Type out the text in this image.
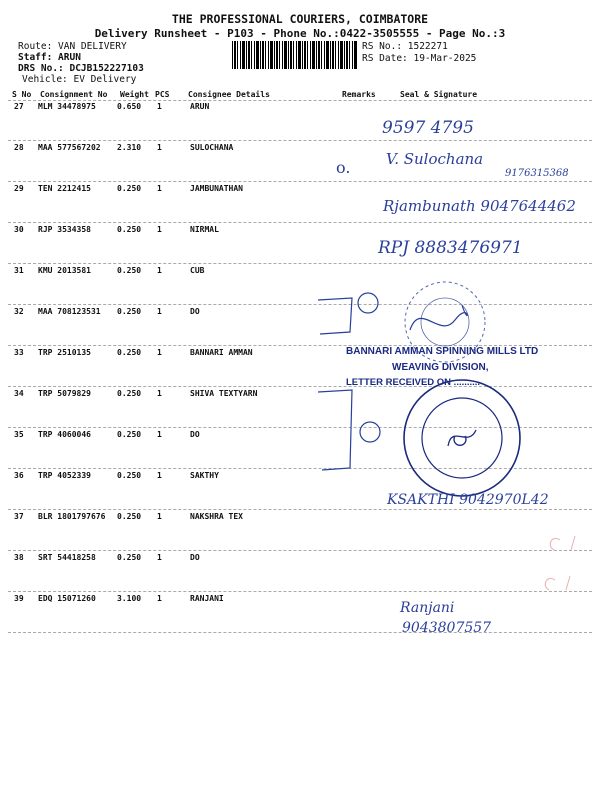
THE PROFESSIONAL COURIERS, COIMBATORE
Delivery Runsheet - P103 - Phone No.:0422-3505555 - Page No.:3
Route: VAN DELIVERY
Staff: ARUN
DRS No.: DCJB152227103
Vehicle: EV Delivery
RS No.: 1522271
RS Date: 19-Mar-2025
S No Consignment No Weight PCS Consignee Details	Remarks	Seal & Signature
27 MLM 34478975	0.650 1	ARUN
28 MAA 577567202 2.310 1	SULOCHANA
29 TEN 2212415	0.250 1	JAMBUNATHAN
30 RJP 3534358	0.250 1	NIRMAL
31 KMU 2013581	0.250 1	CUB
32 MAA 708123531 0.250 1	DO
33 TRP 2510135	0.250 1	BANNARI AMMAN
34 TRP 5079829	0.250 1	SHIVA TEXTYARN
35 TRP 4060046	0.250 1	DO
36 TRP 4052339	0.250 1	SAKTHY
37 BLR 1801797676 0.250 1	NAKSHRA TEX
38 SRT 54418258	0.250 1	DO
39 EDQ 15071260	3.100 1	RANJANI
9597 4795
o. V. Sulochana
9176315368
Rjambunath 9047644462
RPJ 8883476971
KSAKTHI 9042970L42
Ranjani
9043807557
BANNARI AMMAN SPINNING MILLS LTD
WEAVING DIVISION,
LETTER RECEIVED ON ..........
